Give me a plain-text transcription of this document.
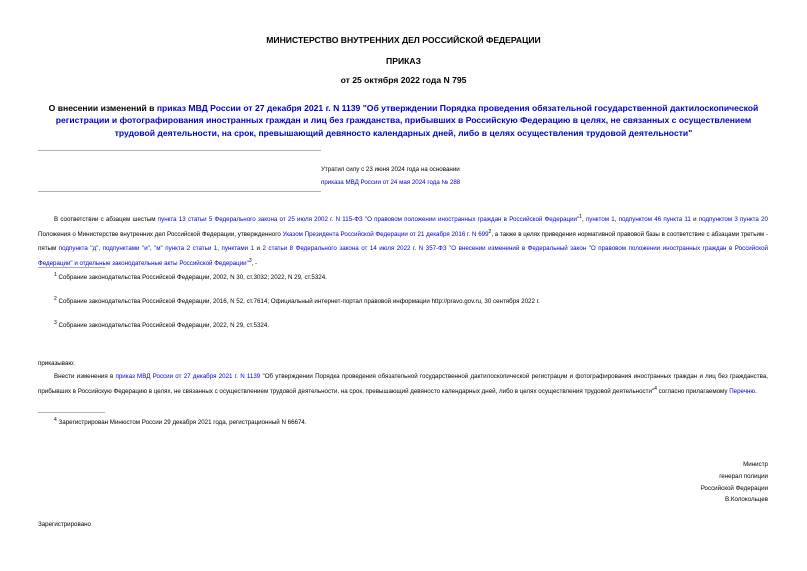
МИНИСТЕРСТВО ВНУТРЕННИХ ДЕЛ РОССИЙСКОЙ ФЕДЕРАЦИИ
ПРИКАЗ
от 25 октября 2022 года N 795
О внесении изменений в приказ МВД России от 27 декабря 2021 г. N 1139 "Об утверждении Порядка проведения обязательной государственной дактилоскопической регистрации и фотографирования иностранных граждан и лиц без гражданства, прибывших в Российскую Федерацию в целях, не связанных с осуществлением трудовой деятельности, на срок, превышающий девяносто календарных дней, либо в целях осуществления трудовой деятельности"
Утратил силу с 23 июня 2024 года на основании
приказа МВД России от 24 мая 2024 года № 288
В соответствии с абзацем шестым пункта 13 статьи 5 Федерального закона от 25 июля 2002 г. N 115-ФЗ "О правовом положении иностранных граждан в Российской Федерации"$^1$, пунктом 1, подпунктом 46 пункта 11 и подпунктом 3 пункта 20 Положения о Министерстве внутренних дел Российской Федерации, утвержденного Указом Президента Российской Федерации от 21 декабря 2016 г. N $699^2$, а также в целях приведения нормативной правовой базы в соответствие с абзацами третьим - пятым подпункта "д", подпунктами "и", "м" пункта 2 статьи 1, пунктами 1 и 2 статьи 8 Федерального закона от 14 июля 2022 г. N 357-ФЗ "О внесении изменений в Федеральный закон "О правовом положении иностранных граждан в Российской Федерации" и отдельные законодательные акты Российской Федерации"$^3$, -
$^1$ Собрание законодательства Российской Федерации, 2002, N 30, ст.3032; 2022, N 29, ст.5324.
$^2$ Собрание законодательства Российской Федерации, 2016, N 52, ст.7614; Официальный интернет-портал правовой информации http://pravo.gov.ru, 30 сентября 2022 г.
$^3$ Собрание законодательства Российской Федерации, 2022, N 29, ст.5324.
приказываю:
Внести изменения в приказ МВД России от 27 декабря 2021 г. N 1139 "Об утверждении Порядка проведения обязательной государственной дактилоскопической регистрации и фотографирования иностранных граждан и лиц без гражданства, прибывших в Российскую Федерацию в целях, не связанных с осуществлением трудовой деятельности, на срок, превышающий девяносто календарных дней, либо в целях осуществления трудовой деятельности"$^4$ согласно прилагаемому Перечню.
$^4$ Зарегистрирован Минюстом России 29 декабря 2021 года, регистрационный N 66674.
Министр
генерал полиции
Российской Федерации
В.Колокольцев
Зарегистрировано
